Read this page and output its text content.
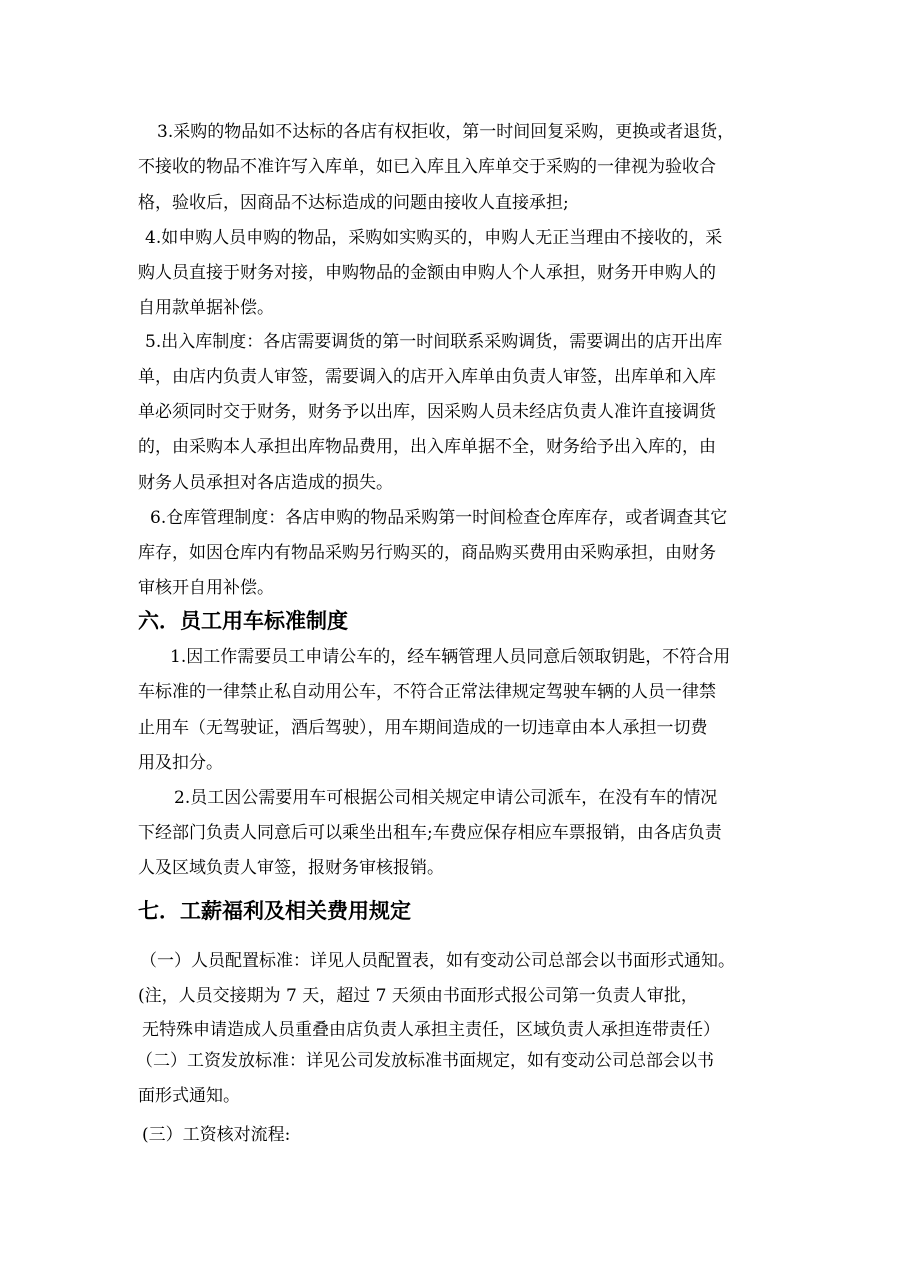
3.采购的物品如不达标的各店有权拒收，第一时间回复采购，更换或者退货，
不接收的物品不准许写入库单，如已入库且入库单交于采购的一律视为验收合
格，验收后，因商品不达标造成的问题由接收人直接承担;
4.如申购人员申购的物品，采购如实购买的，申购人无正当理由不接收的，采
购人员直接于财务对接，申购物品的金额由申购人个人承担，财务开申购人的
自用款单据补偿。
5.出入库制度：各店需要调货的第一时间联系采购调货，需要调出的店开出库
单，由店内负责人审签，需要调入的店开入库单由负责人审签，出库单和入库
单必须同时交于财务，财务予以出库，因采购人员未经店负责人准许直接调货
的，由采购本人承担出库物品费用，出入库单据不全，财务给予出入库的，由
财务人员承担对各店造成的损失。
6.仓库管理制度：各店申购的物品采购第一时间检查仓库库存，或者调查其它
库存，如因仓库内有物品采购另行购买的，商品购买费用由采购承担，由财务
审核开自用补偿。
六．员工用车标准制度
1.因工作需要员工申请公车的，经车辆管理人员同意后领取钥匙，不符合用
车标准的一律禁止私自动用公车，不符合正常法律规定驾驶车辆的人员一律禁
止用车（无驾驶证，酒后驾驶），用车期间造成的一切违章由本人承担一切费
用及扣分。
2.员工因公需要用车可根据公司相关规定申请公司派车，在没有车的情况
下经部门负责人同意后可以乘坐出租车;车费应保存相应车票报销，由各店负责
人及区域负责人审签，报财务审核报销。
七．工薪福利及相关费用规定
（一）人员配置标准：详见人员配置表，如有变动公司总部会以书面形式通知。
(注，人员交接期为 7 天，超过 7 天须由书面形式报公司第一负责人审批，
无特殊申请造成人员重叠由店负责人承担主责任，区域负责人承担连带责任）
（二）工资发放标准：详见公司发放标准书面规定，如有变动公司总部会以书
面形式通知。
(三）工资核对流程:
